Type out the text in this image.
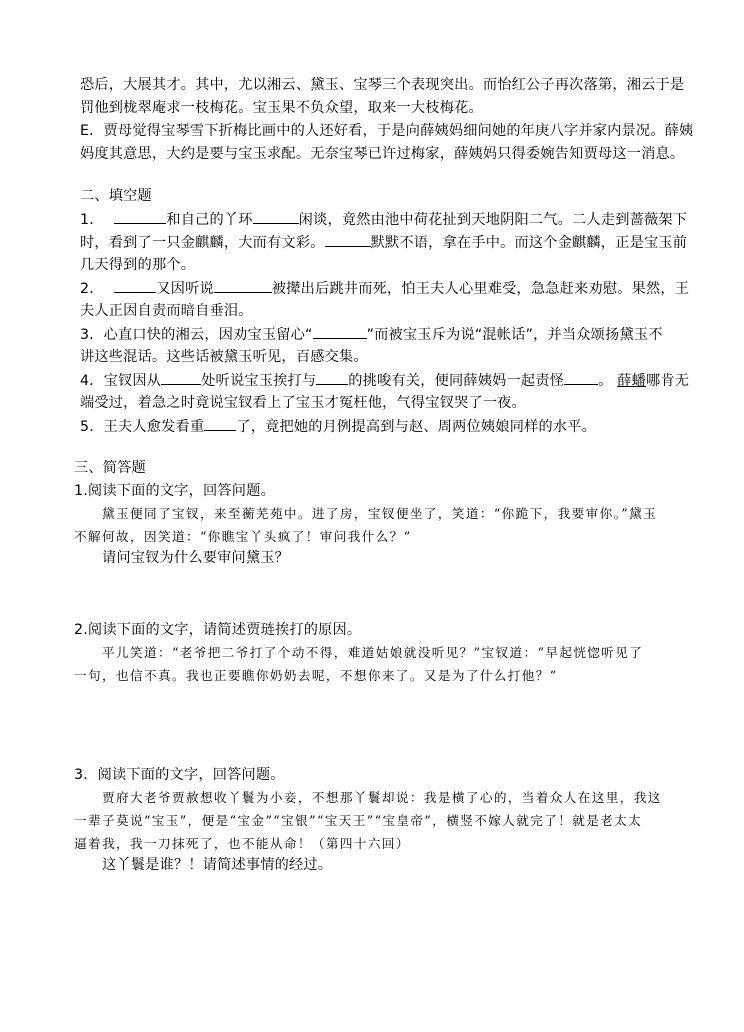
恐后，大展其才。其中，尤以湘云、黛玉、宝琴三个表现突出。而怡红公子再次落第，湘云于是
罚他到栊翠庵求一枝梅花。宝玉果不负众望，取来一大枝梅花。
E．贾母觉得宝琴雪下折梅比画中的人还好看，于是向薛姨妈细问她的年庚八字并家内景况。薛姨
妈度其意思，大约是要与宝玉求配。无奈宝琴已许过梅家，薛姨妈只得委婉告知贾母这一消息。
二、填空题
1．	和自己的丫环	闲谈，竟然由池中荷花扯到天地阴阳二气。二人走到蔷薇架下
时，看到了一只金麒麟，大而有文彩。	默默不语，拿在手中。而这个金麒麟，正是宝玉前
几天得到的那个。
2．	又因听说	被撵出后跳井而死，怕王夫人心里难受，急急赶来劝慰。果然，王
夫人正因自责而暗自垂泪。
3．心直口快的湘云，因劝宝玉留心“	”而被宝玉斥为说“混帐话”，并当众颂扬黛玉不
讲这些混话。这些话被黛玉听见，百感交集。
4．宝钗因从	处听说宝玉挨打与 的挑唆有关，便同薛姨妈一起责怪 。 薛蟠哪肯无
端受过，着急之时竟说宝钗看上了宝玉才冤枉他，气得宝钗哭了一夜。
5．王夫人愈发看重 了，竟把她的月例提高到与赵、周两位姨娘同样的水平。
三、简答题
1.阅读下面的文字，回答问题。
黛玉便同了宝钗，来至蘅芜苑中。进了房，宝钗便坐了，笑道：“你跪下，我要审你。”黛玉
不解何故，因笑道：“你瞧宝丫头疯了！审问我什么？”
请问宝钗为什么要审问黛玉？
2.阅读下面的文字，请简述贾琏挨打的原因。
平儿笑道：“老爷把二爷打了个动不得，难道姑娘就没听见？”宝钗道：“早起恍惚听见了
一句，也信不真。我也正要瞧你奶奶去呢，不想你来了。又是为了什么打他？”
3．阅读下面的文字，回答问题。
贾府大老爷贾赦想收丫鬟为小妾，不想那丫鬟却说：我是横了心的，当着众人在这里，我这
一辈子莫说“宝玉”，便是“宝金”“宝银”“宝天王”“宝皇帝”，横竖不嫁人就完了！就是老太太
逼着我，我一刀抹死了，也不能从命！（第四十六回）
这丫鬟是谁？！请简述事情的经过。
